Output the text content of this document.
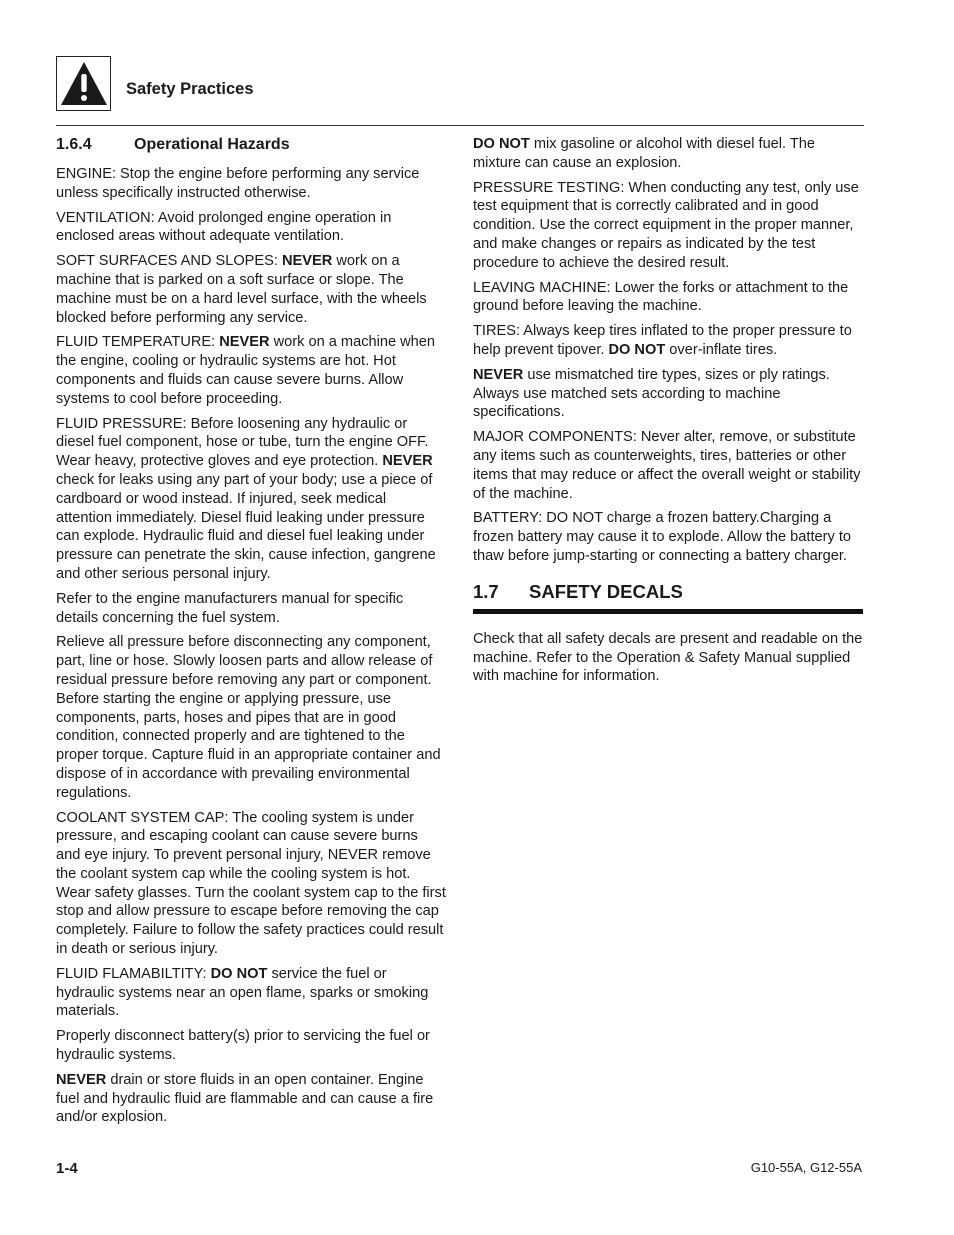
Safety Practices
1.6.4	Operational Hazards

ENGINE: Stop the engine before performing any service unless specifically instructed otherwise.

VENTILATION: Avoid prolonged engine operation in enclosed areas without adequate ventilation.

SOFT SURFACES AND SLOPES: NEVER work on a machine that is parked on a soft surface or slope. The machine must be on a hard level surface, with the wheels blocked before performing any service.

FLUID TEMPERATURE: NEVER work on a machine when the engine, cooling or hydraulic systems are hot. Hot components and fluids can cause severe burns. Allow systems to cool before proceeding.

FLUID PRESSURE: Before loosening any hydraulic or diesel fuel component, hose or tube, turn the engine OFF. Wear heavy, protective gloves and eye protection. NEVER check for leaks using any part of your body; use a piece of cardboard or wood instead. If injured, seek medical attention immediately. Diesel fluid leaking under pressure can explode. Hydraulic fluid and diesel fuel leaking under pressure can penetrate the skin, cause infection, gangrene and other serious personal injury.

Refer to the engine manufacturers manual for specific details concerning the fuel system.

Relieve all pressure before disconnecting any component, part, line or hose. Slowly loosen parts and allow release of residual pressure before removing any part or component. Before starting the engine or applying pressure, use components, parts, hoses and pipes that are in good condition, connected properly and are tightened to the proper torque. Capture fluid in an appropriate container and dispose of in accordance with prevailing environmental regulations.

COOLANT SYSTEM CAP: The cooling system is under pressure, and escaping coolant can cause severe burns and eye injury. To prevent personal injury, NEVER remove the coolant system cap while the cooling system is hot. Wear safety glasses. Turn the coolant system cap to the first stop and allow pressure to escape before removing the cap completely. Failure to follow the safety practices could result in death or serious injury.

FLUID FLAMABILTITY: DO NOT service the fuel or hydraulic systems near an open flame, sparks or smoking materials.

Properly disconnect battery(s) prior to servicing the fuel or hydraulic systems.

NEVER drain or store fluids in an open container. Engine fuel and hydraulic fluid are flammable and can cause a fire and/or explosion.

DO NOT mix gasoline or alcohol with diesel fuel. The mixture can cause an explosion.

PRESSURE TESTING: When conducting any test, only use test equipment that is correctly calibrated and in good condition. Use the correct equipment in the proper manner, and make changes or repairs as indicated by the test procedure to achieve the desired result.

LEAVING MACHINE: Lower the forks or attachment to the ground before leaving the machine.

TIRES: Always keep tires inflated to the proper pressure to help prevent tipover. DO NOT over-inflate tires.

NEVER use mismatched tire types, sizes or ply ratings. Always use matched sets according to machine specifications.

MAJOR COMPONENTS: Never alter, remove, or substitute any items such as counterweights, tires, batteries or other items that may reduce or affect the overall weight or stability of the machine.

BATTERY: DO NOT charge a frozen battery.Charging a frozen battery may cause it to explode. Allow the battery to thaw before jump-starting or connecting a battery charger.

1.7	SAFETY DECALS

Check that all safety decals are present and readable on the machine. Refer to the Operation & Safety Manual supplied with machine for information.

1-4	G10-55A, G12-55A
